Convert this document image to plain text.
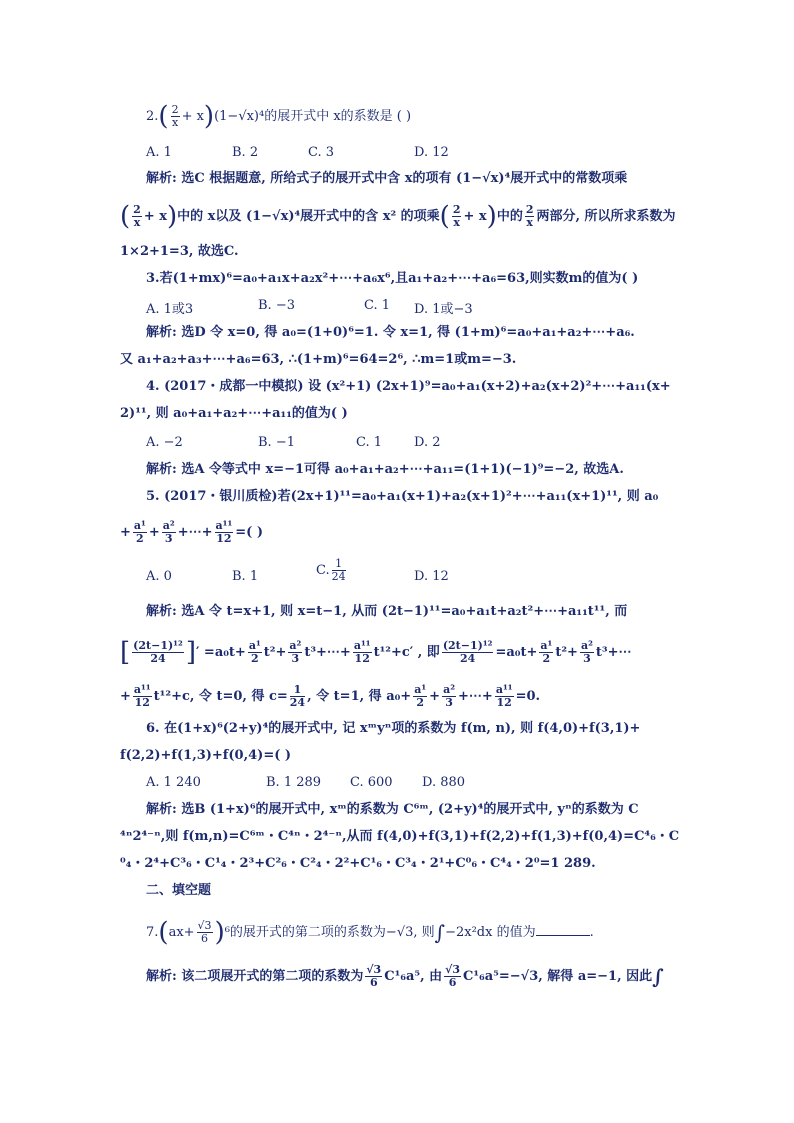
$2.( \frac{2}{x} + x)(1-√x)^4$的展开式中 x的系数是 ( )
A. 1	B. 2	C. 3	D. 12
解析: 选C 根据题意, 所给式子的展开式中含 x的项有 (1−√x)⁴展开式中的常数项乘
( $\frac{2}{x} + x$)中的 x以及 (1−√x)⁴展开式中的含 x² 的项乘( $\frac{2}{x} + x$)中的 $\frac{2}{x}$ 两部分, 所以所求系数为
1×2+1=3, 故选C.
3.若(1+mx)⁶=a₀+a₁x+a₂x²+⋯+a₆x⁶,且a₁+a₂+⋯+a₆=63,则实数m的值为( )
A. 1或3	B. −3	C. 1 D. 1或−3
解析: 选D 令 x=0, 得 a₀=(1+0)⁶=1. 令 x=1, 得 (1+m)⁶=a₀+a₁+a₂+⋯+a₆.
又 a₁+a₂+a₃+⋯+a₆=63, ∴(1+m)⁶=64=2⁶, ∴m=1或m=−3.
4. (2017・成都一中模拟) 设 (x²+1) (2x+1)⁹=a₀+a₁(x+2)+a₂(x+2)²+⋯+a₁₁(x+
2)¹¹, 则 a₀+a₁+a₂+⋯+a₁₁的值为( )
A. −2	B. −1	C. 1 D. 2
解析: 选A 令等式中 x=−1可得 a₀+a₁+a₂+⋯+a₁₁=(1+1)(−1)⁹=−2, 故选A.
5. (2017・银川质检)若(2x+1)¹¹=a₀+a₁(x+1)+a₂(x+1)²+⋯+a₁₁(x+1)¹¹, 则 a₀
+ $\frac{\text{a¹}}{2} + \frac{\text{a²}}{3}$ +⋯+ $\frac{\text{a¹¹}}{12}$ =( )
A. 0	B. 1	C. $\frac{1}{24}$	D. 12
解析: 选A 令 t=x+1, 则 x=t−1, 从而 (2t−1)¹¹=a₀+a₁t+a₂t²+⋯+a₁₁t¹¹, 而
[ $\frac{\text{(2t−1)¹²}}{24}$ ]′ $=a_0t+ \frac{\text{a¹}}{2} t^2+ \frac{\text{a²}}{3}$ t³+⋯+ $\frac{\text{a¹¹}}{12} t^{12}+c'$ , 即 $\frac{\text{(2t−1)¹²}}{24} =a_0t+ \frac{\text{a¹}}{2} t^2+ \frac{\text{a²}}{3}$ t³+⋯
+ $\frac{\text{a¹¹}}{12} t^{12}+c$, 令 t=0, 得 $c= \frac{1}{24}$ , 令 t=1, 得 $a_0+ \frac{\text{a¹}}{2} + \frac{\text{a²}}{3}$ +⋯+ $\frac{\text{a¹¹}}{12} =0$.
6. 在(1+x)⁶(2+y)⁴的展开式中, 记 xᵐyⁿ项的系数为 f(m, n), 则 f(4,0)+f(3,1)+
f(2,2)+f(1,3)+f(0,4)=( )
A. 1 240	B. 1 289 C. 600 D. 880
解析: 选B (1+x)⁶的展开式中, xᵐ的系数为 C⁶ᵐ, (2+y)⁴的展开式中, yⁿ的系数为 C
⁴ⁿ2⁴⁻ⁿ,则 f(m,n)=C⁶ᵐ・C⁴ⁿ・2⁴⁻ⁿ,从而 f(4,0)+f(3,1)+f(2,2)+f(1,3)+f(0,4)=C⁴₆・C
⁰₄・2⁴+C³₆・C¹₄・2³+C²₆・C²₄・2²+C¹₆・C³₄・2¹+C⁰₆・C⁴₄・2⁰=1 289.
二、填空题
$7.(ax+ \frac{√3}{6} )^6$的展开式的第二项的系数为−√3, 则∫−2x²dx 的值为	.
解析: 该二项展开式的第二项的系数为 $\frac{√3}{6} C^1_6a^5$, 由 $\frac{√3}{6} C^1_6a^5=-√3$, 解得 a=−1, 因此∫
